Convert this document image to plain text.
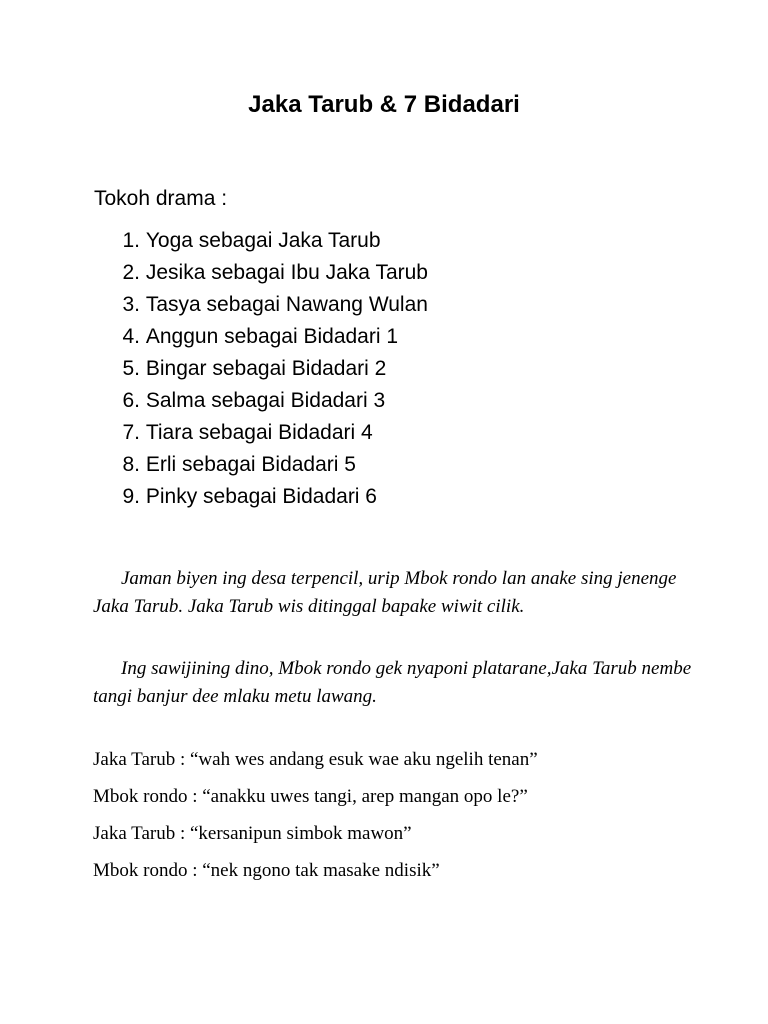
Jaka Tarub & 7 Bidadari

Tokoh drama :

1.
Yoga sebagai Jaka Tarub
2.
Jesika sebagai Ibu Jaka Tarub
3.
Tasya sebagai Nawang Wulan
4.
Anggun sebagai Bidadari 1
5.
Bingar sebagai Bidadari 2
6.
Salma sebagai Bidadari 3
7.
Tiara sebagai Bidadari 4
8.
Erli sebagai Bidadari 5
9.
Pinky sebagai Bidadari 6

Jaman biyen ing desa terpencil, urip Mbok rondo lan anake sing jenenge Jaka Tarub. Jaka Tarub wis ditinggal bapake wiwit cilik.

Ing sawijining dino, Mbok rondo gek nyaponi platarane,Jaka Tarub nembe tangi banjur dee mlaku metu lawang.

Jaka Tarub : “wah wes andang esuk wae aku ngelih tenan”

Mbok rondo : “anakku uwes tangi, arep mangan opo le?”

Jaka Tarub : “kersanipun simbok mawon”

Mbok rondo : “nek ngono tak masake ndisik”
